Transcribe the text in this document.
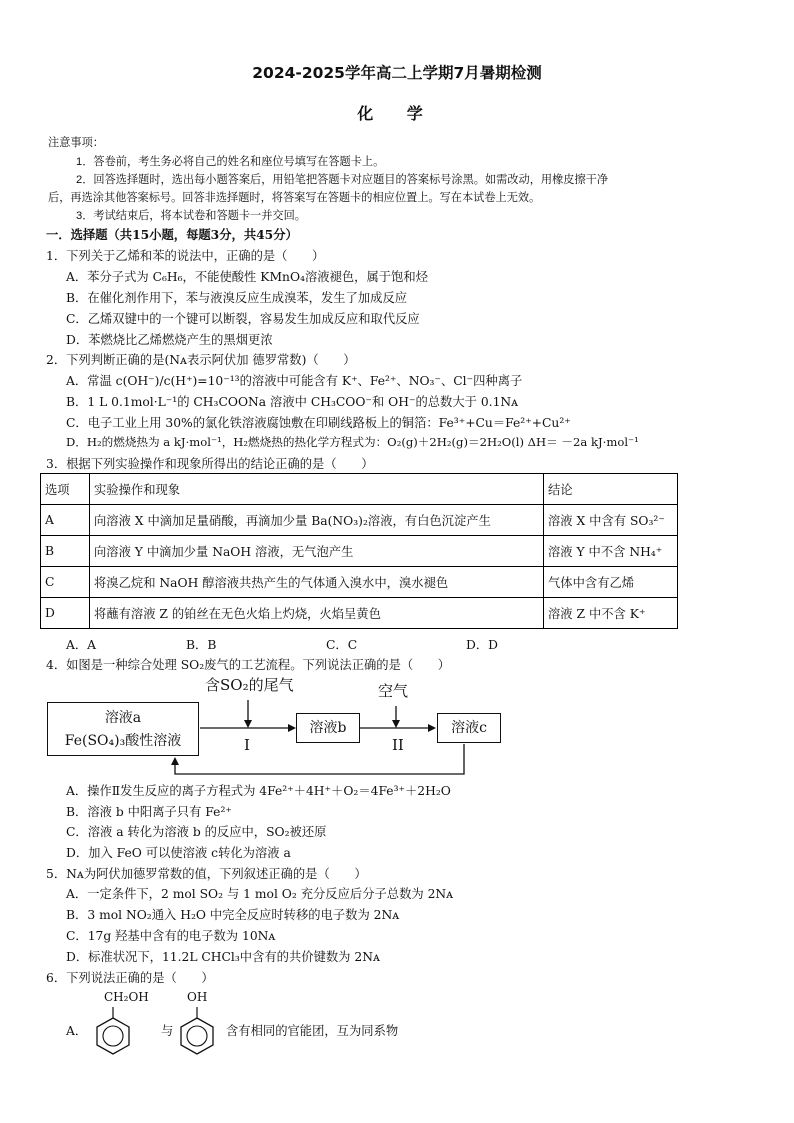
2024-2025学年高二上学期7月暑期检测
化 学
注意事项：
1．答卷前，考生务必将自己的姓名和座位号填写在答题卡上。
2．回答选择题时，选出每小题答案后，用铅笔把答题卡对应题目的答案标号涂黑。如需改动，用橡皮擦干净
后，再选涂其他答案标号。回答非选择题时，将答案写在答题卡的相应位置上。写在本试卷上无效。
3．考试结束后，将本试卷和答题卡一并交回。
一．选择题（共15小题，每题3分，共45分）
1．下列关于乙烯和苯的说法中，正确的是（　　）
A．苯分子式为 C₆H₆，不能使酸性 KMnO₄溶液褪色，属于饱和烃
B．在催化剂作用下，苯与液溴反应生成溴苯，发生了加成反应
C．乙烯双键中的一个键可以断裂，容易发生加成反应和取代反应
D．苯燃烧比乙烯燃烧产生的黑烟更浓
2．下列判断正确的是(Nᴀ表示阿伏加 德罗常数)（　　）
A．常温 c(OH⁻)/c(H⁺)=10⁻¹³的溶液中可能含有 K⁺、Fe²⁺、NO₃⁻、Cl⁻四种离子
B．1 L 0.1mol·L⁻¹的 CH₃COONa 溶液中 CH₃COO⁻和 OH⁻的总数大于 0.1Nᴀ
C．电子工业上用 30%的氯化铁溶液腐蚀敷在印刷线路板上的铜箔：Fe³⁺+Cu＝Fe²⁺+Cu²⁺
D．H₂的燃烧热为 a kJ·mol⁻¹，H₂燃烧热的热化学方程式为：O₂(g)＋2H₂(g)＝2H₂O(l) ΔH＝ －2a kJ·mol⁻¹
3．根据下列实验操作和现象所得出的结论正确的是（　　）
选项	实验操作和现象	结论
A	向溶液 X 中滴加足量硝酸，再滴加少量 Ba(NO₃)₂溶液，有白色沉淀产生	溶液 X 中含有 SO₃²⁻
B	向溶液 Y 中滴加少量 NaOH 溶液，无气泡产生	溶液 Y 中不含 NH₄⁺
C	将溴乙烷和 NaOH 醇溶液共热产生的气体通入溴水中，溴水褪色	气体中含有乙烯
D	将蘸有溶液 Z 的铂丝在无色火焰上灼烧，火焰呈黄色	溶液 Z 中不含 K⁺
A．A	B．B	C．C	D．D
4．如图是一种综合处理 SO₂废气的工艺流程。下列说法正确的是（　　）
含SO₂的尾气	空气
溶液a
Fe(SO₄)₃酸性溶液
溶液b	溶液c
I	II
A．操作Ⅱ发生反应的离子方程式为 4Fe²⁺＋4H⁺＋O₂＝4Fe³⁺＋2H₂O
B．溶液 b 中阳离子只有 Fe²⁺
C．溶液 a 转化为溶液 b 的反应中，SO₂被还原
D．加入 FeO 可以使溶液 c转化为溶液 a
5．Nᴀ为阿伏加德罗常数的值，下列叙述正确的是（　　）
A．一定条件下，2 mol SO₂ 与 1 mol O₂ 充分反应后分子总数为 2Nᴀ
B．3 mol NO₂通入 H₂O 中完全反应时转移的电子数为 2Nᴀ
C．17g 羟基中含有的电子数为 10Nᴀ
D．标准状况下，11.2L CHCl₃中含有的共价键数为 2Nᴀ
6．下列说法正确的是（　　）
A．
CH₂OH	OH
与	含有相同的官能团，互为同系物
